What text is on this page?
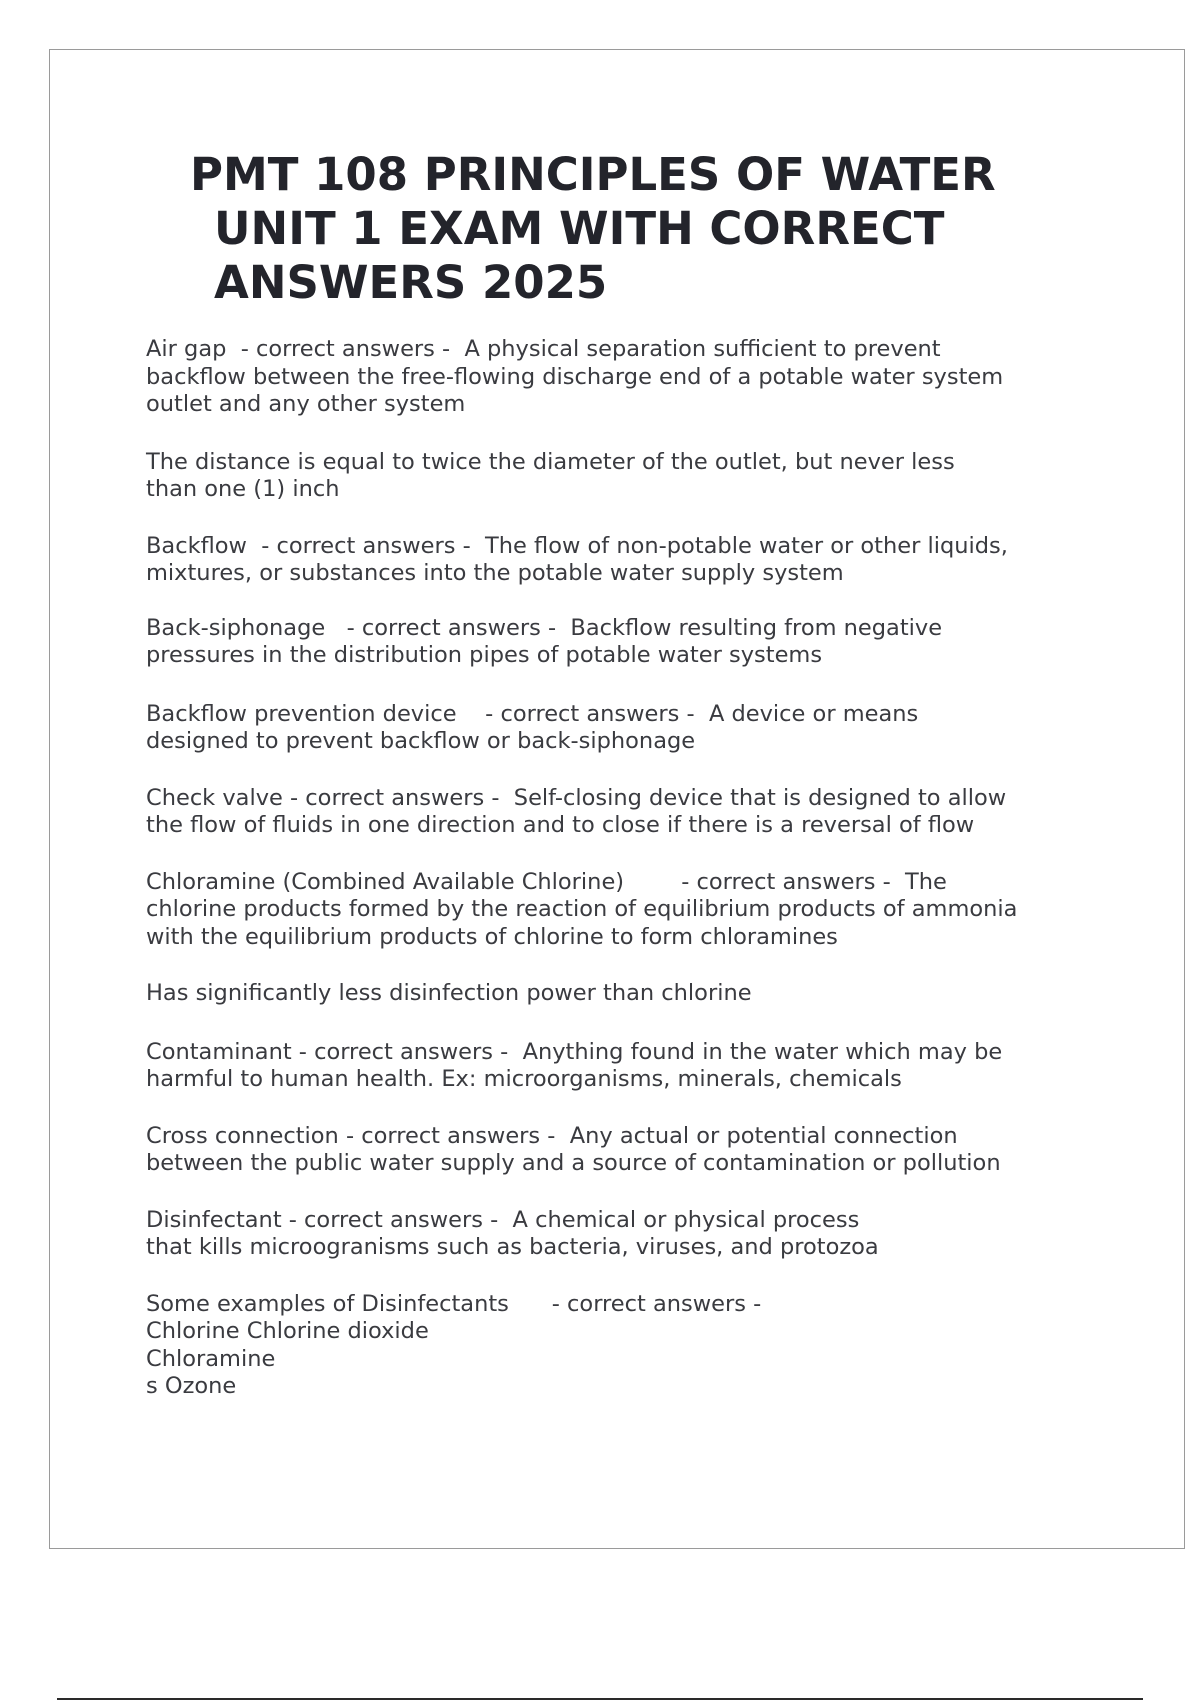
PMT 108 PRINCIPLES OF WATER
UNIT 1 EXAM WITH CORRECT
ANSWERS 2025

Air gap  - correct answers -  A physical separation sufficient to prevent
backflow between the free-flowing discharge end of a potable water system
outlet and any other system

The distance is equal to twice the diameter of the outlet, but never less
than one (1) inch

Backflow  - correct answers -  The flow of non-potable water or other liquids,
mixtures, or substances into the potable water supply system

Back-siphonage   - correct answers -  Backflow resulting from negative
pressures in the distribution pipes of potable water systems

Backflow prevention device    - correct answers -  A device or means
designed to prevent backflow or back-siphonage

Check valve - correct answers -  Self-closing device that is designed to allow
the flow of fluids in one direction and to close if there is a reversal of flow

Chloramine (Combined Available Chlorine)        - correct answers -  The
chlorine products formed by the reaction of equilibrium products of ammonia
with the equilibrium products of chlorine to form chloramines

Has significantly less disinfection power than chlorine

Contaminant - correct answers -  Anything found in the water which may be
harmful to human health. Ex: microorganisms, minerals, chemicals

Cross connection - correct answers -  Any actual or potential connection
between the public water supply and a source of contamination or pollution

Disinfectant - correct answers -  A chemical or physical process
that kills microogranisms such as bacteria, viruses, and protozoa

Some examples of Disinfectants      - correct answers -
Chlorine Chlorine dioxide
Chloramine
s Ozone
